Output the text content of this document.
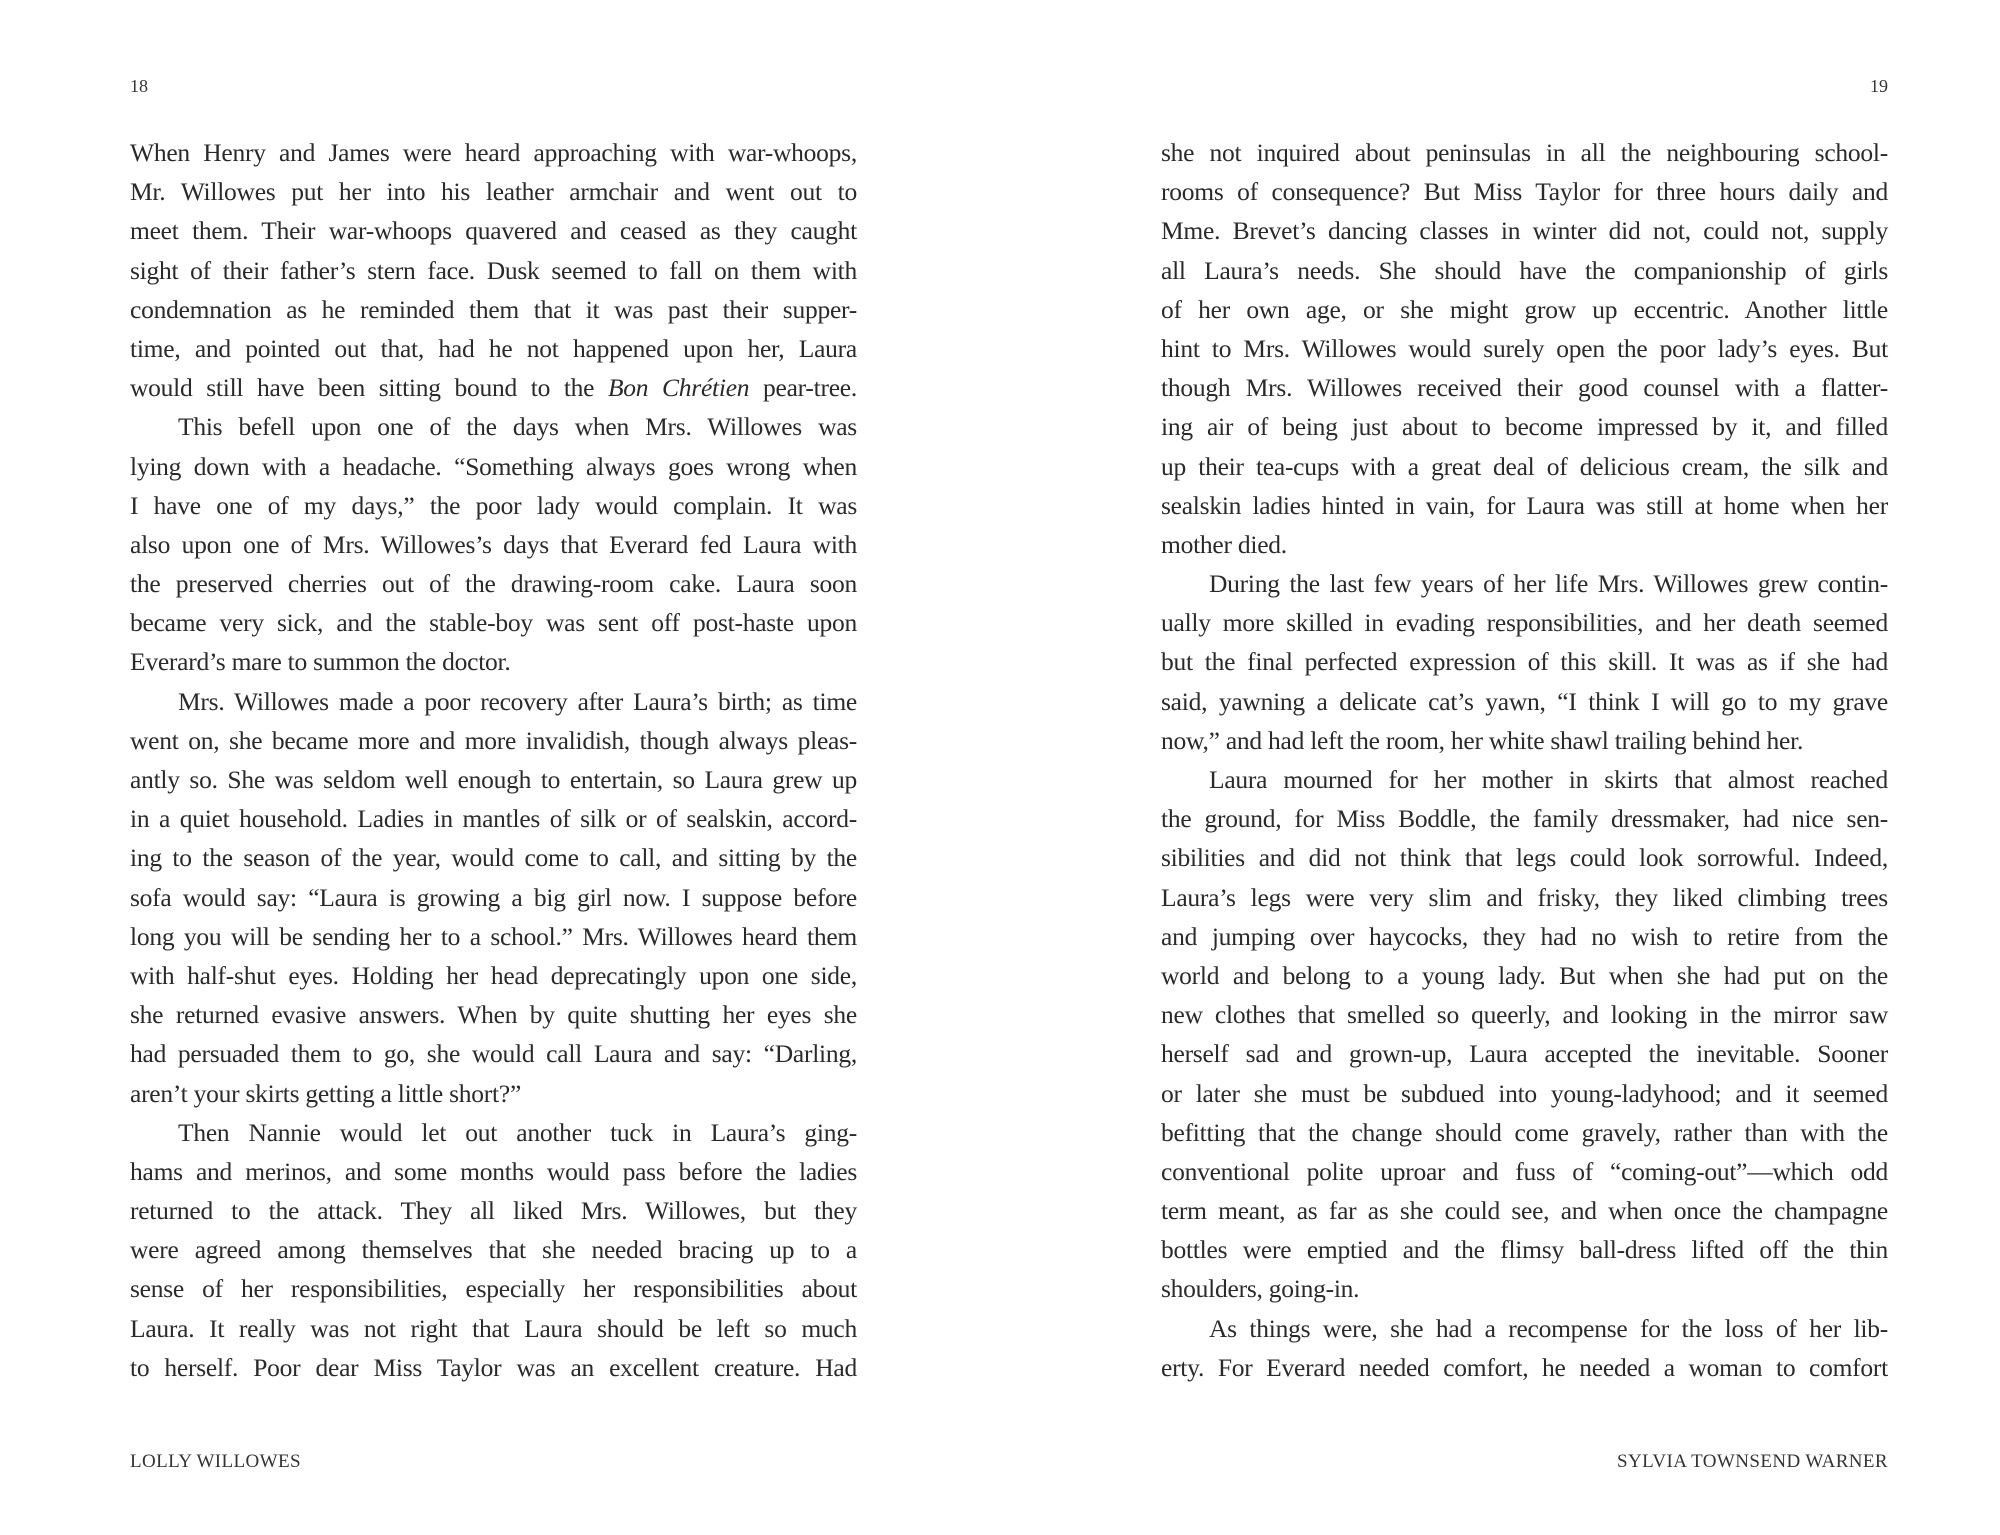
18
When Henry and James were heard approaching with war-whoops,
Mr. Willowes put her into his leather armchair and went out to
meet them. Their war-whoops quavered and ceased as they caught
sight of their father’s stern face. Dusk seemed to fall on them with
condemnation as he reminded them that it was past their supper-
time, and pointed out that, had he not happened upon her, Laura
would still have been sitting bound to the Bon Chrétien pear-tree.
This befell upon one of the days when Mrs. Willowes was
lying down with a headache. “Something always goes wrong when
I have one of my days,” the poor lady would complain. It was
also upon one of Mrs. Willowes’s days that Everard fed Laura with
the preserved cherries out of the drawing-room cake. Laura soon
became very sick, and the stable-boy was sent off post-haste upon
Everard’s mare to summon the doctor.
Mrs. Willowes made a poor recovery after Laura’s birth; as time
went on, she became more and more invalidish, though always pleas-
antly so. She was seldom well enough to entertain, so Laura grew up
in a quiet household. Ladies in mantles of silk or of sealskin, accord-
ing to the season of the year, would come to call, and sitting by the
sofa would say: “Laura is growing a big girl now. I suppose before
long you will be sending her to a school.” Mrs. Willowes heard them
with half-shut eyes. Holding her head deprecatingly upon one side,
she returned evasive answers. When by quite shutting her eyes she
had persuaded them to go, she would call Laura and say: “Darling,
aren’t your skirts getting a little short?”
Then Nannie would let out another tuck in Laura’s ging-
hams and merinos, and some months would pass before the ladies
returned to the attack. They all liked Mrs. Willowes, but they
were agreed among themselves that she needed bracing up to a
sense of her responsibilities, especially her responsibilities about
Laura. It really was not right that Laura should be left so much
to herself. Poor dear Miss Taylor was an excellent creature. Had
LOLLY WILLOWES
19
she not inquired about peninsulas in all the neighbouring school-
rooms of consequence? But Miss Taylor for three hours daily and
Mme. Brevet’s dancing classes in winter did not, could not, supply
all Laura’s needs. She should have the companionship of girls
of her own age, or she might grow up eccentric. Another little
hint to Mrs. Willowes would surely open the poor lady’s eyes. But
though Mrs. Willowes received their good counsel with a flatter-
ing air of being just about to become impressed by it, and filled
up their tea-cups with a great deal of delicious cream, the silk and
sealskin ladies hinted in vain, for Laura was still at home when her
mother died.
During the last few years of her life Mrs. Willowes grew contin-
ually more skilled in evading responsibilities, and her death seemed
but the final perfected expression of this skill. It was as if she had
said, yawning a delicate cat’s yawn, “I think I will go to my grave
now,” and had left the room, her white shawl trailing behind her.
Laura mourned for her mother in skirts that almost reached
the ground, for Miss Boddle, the family dressmaker, had nice sen-
sibilities and did not think that legs could look sorrowful. Indeed,
Laura’s legs were very slim and frisky, they liked climbing trees
and jumping over haycocks, they had no wish to retire from the
world and belong to a young lady. But when she had put on the
new clothes that smelled so queerly, and looking in the mirror saw
herself sad and grown-up, Laura accepted the inevitable. Sooner
or later she must be subdued into young-ladyhood; and it seemed
befitting that the change should come gravely, rather than with the
conventional polite uproar and fuss of “coming-out”—which odd
term meant, as far as she could see, and when once the champagne
bottles were emptied and the flimsy ball-dress lifted off the thin
shoulders, going-in.
As things were, she had a recompense for the loss of her lib-
erty. For Everard needed comfort, he needed a woman to comfort
SYLVIA TOWNSEND WARNER
